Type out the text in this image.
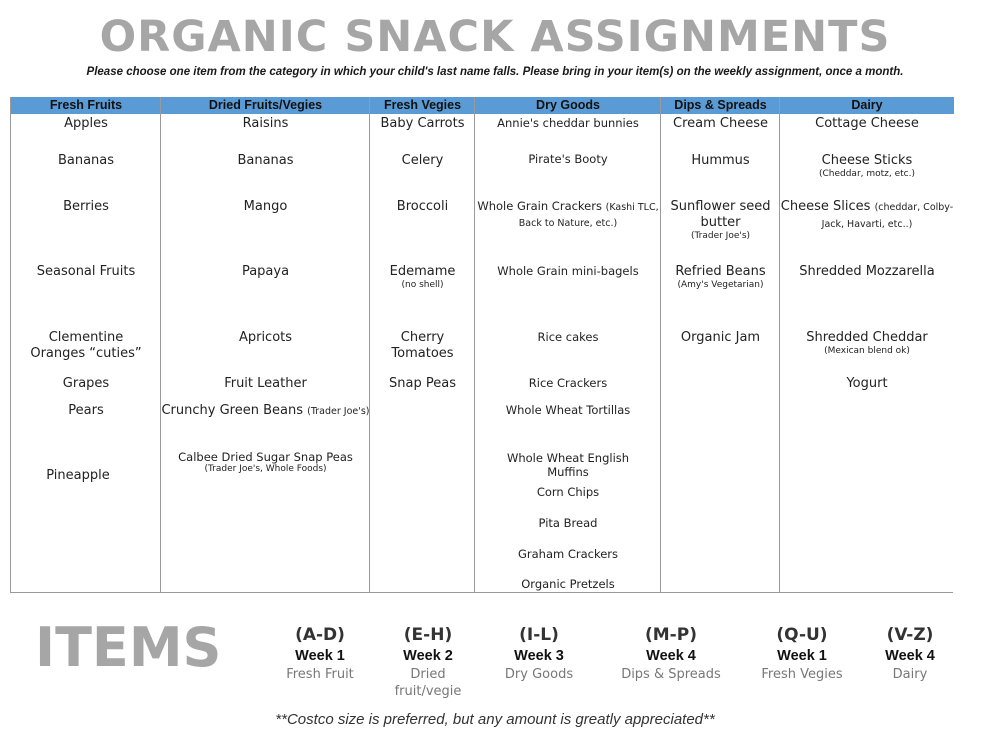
ORGANIC SNACK ASSIGNMENTS
Please choose one item from the category in which your child's last name falls. Please bring in your item(s) on the weekly assignment, once a month.
Fresh Fruits
Apples
Bananas
Berries
Seasonal Fruits
Clementine Oranges “cuties”
Grapes
Pears
Pineapple
Dried Fruits/Vegies
Raisins
Bananas
Mango
Papaya
Apricots
Fruit Leather
Crunchy Green Beans (Trader Joe's)
Calbee Dried Sugar Snap Peas
(Trader Joe's, Whole Foods)
Fresh Vegies
Baby Carrots
Celery
Broccoli
Edemame
(no shell)
Cherry Tomatoes
Snap Peas
Dry Goods
Annie's cheddar bunnies
Pirate's Booty
Whole Grain Crackers (Kashi TLC, Back to Nature, etc.)
Whole Grain mini-bagels
Rice cakes
Rice Crackers
Whole Wheat Tortillas
Whole Wheat English Muffins
Corn Chips
Pita Bread
Graham Crackers
Organic Pretzels
Dips & Spreads
Cream Cheese
Hummus
Sunflower seed butter
(Trader Joe's)
Refried Beans
(Amy's Vegetarian)
Organic Jam
Dairy
Cottage Cheese
Cheese Sticks
(Cheddar, motz, etc.)
Cheese Slices (cheddar, Colby-Jack, Havarti, etc..)
Shredded Mozzarella
Shredded Cheddar
(Mexican blend ok)
Yogurt
ITEMS	(A-D)
Week 1
Fresh Fruit
(E-H)
Week 2
Dried fruit/vegie
(I-L)
Week 3
Dry Goods
(M-P)
Week 4
Dips & Spreads
(Q-U)
Week 1
Fresh Vegies
(V-Z)
Week 4
Dairy
**Costco size is preferred, but any amount is greatly appreciated**
